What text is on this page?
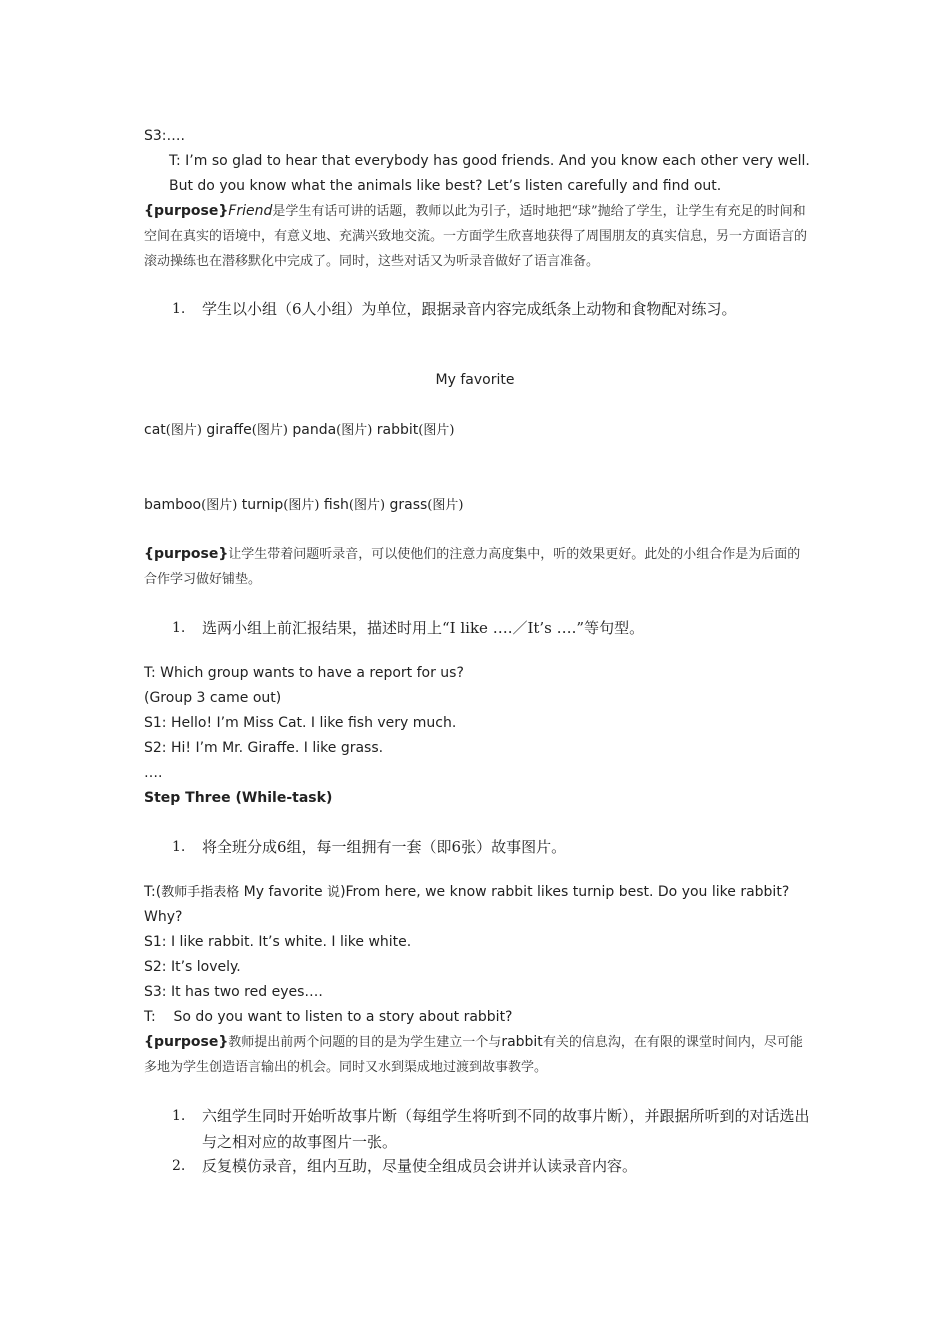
S3:….
T: I’m so glad to hear that everybody has good friends. And you know each other very well. But do you know what the animals like best? Let’s listen carefully and find out.
{purpose}Friend是学生有话可讲的话题，教师以此为引子，适时地把“球”抛给了学生，让学生有充足的时间和空间在真实的语境中，有意义地、充满兴致地交流。一方面学生欣喜地获得了周围朋友的真实信息，另一方面语言的滚动操练也在潜移默化中完成了。同时，这些对话又为听录音做好了语言准备。
1. 学生以小组（6人小组）为单位，跟据录音内容完成纸条上动物和食物配对练习。
My favorite
cat(图片) giraffe(图片) panda(图片) rabbit(图片)
bamboo(图片) turnip(图片) fish(图片) grass(图片)
{purpose}让学生带着问题听录音，可以使他们的注意力高度集中，听的效果更好。此处的小组合作是为后面的合作学习做好铺垫。
1. 选两小组上前汇报结果，描述时用上“I like ….／It’s ….”等句型。
T: Which group wants to have a report for us?
(Group 3 came out)
S1: Hello! I’m Miss Cat. I like fish very much.
S2: Hi! I’m Mr. Giraffe. I like grass.
….
Step Three (While-task)
1. 将全班分成6组，每一组拥有一套（即6张）故事图片。
T:(教师手指表格 My favorite 说)From here, we know rabbit likes turnip best. Do you like rabbit? Why?
S1: I like rabbit. It’s white. I like white.
S2: It’s lovely.
S3: It has two red eyes….
T:    So do you want to listen to a story about rabbit?
{purpose}教师提出前两个问题的目的是为学生建立一个与rabbit有关的信息沟，在有限的课堂时间内，尽可能多地为学生创造语言输出的机会。同时又水到渠成地过渡到故事教学。
1. 六组学生同时开始听故事片断（每组学生将听到不同的故事片断），并跟据所听到的对话选出与之相对应的故事图片一张。
2. 反复模仿录音，组内互助，尽量使全组成员会讲并认读录音内容。
